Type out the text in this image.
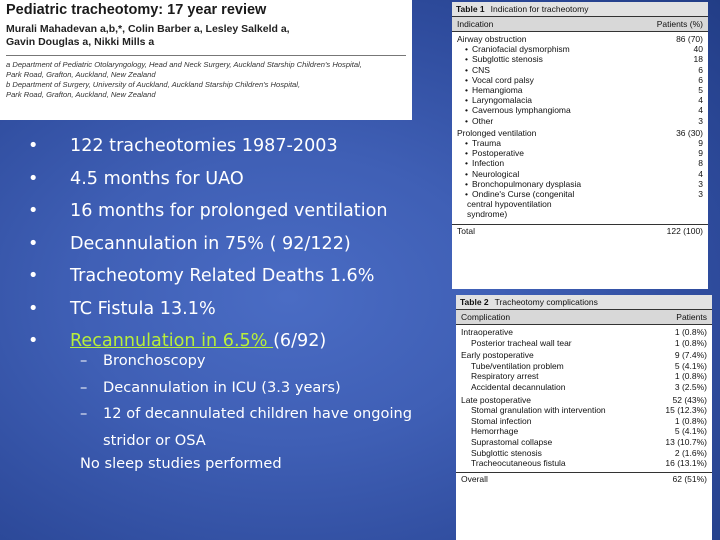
Pediatric tracheotomy: 17 year review
Murali Mahadevan a,b,*, Colin Barber a, Lesley Salkeld a,
Gavin Douglas a, Nikki Mills a
a Department of Pediatric Otolaryngology, Head and Neck Surgery, Auckland Starship Children's Hospital,
Park Road, Grafton, Auckland, New Zealand
b Department of Surgery, University of Auckland, Auckland Starship Children's Hospital,
Park Road, Grafton, Auckland, New Zealand
Table 1 Indication for tracheotomy
Indication	Patients (%)
Airway obstruction	86 (70)
• Craniofacial dysmorphism	40
• Subglottic stenosis	18
• CNS	6
• Vocal cord palsy	6
• Hemangioma	5
• Laryngomalacia	4
• Cavernous lymphangioma	4
• Other	3
Prolonged ventilation	36 (30)
• Trauma	9
• Postoperative	9
• Infection	8
• Neurological	4
• Bronchopulmonary dysplasia	3
• Ondine's Curse (congenital	3
central hypoventilation
syndrome)
Total	122 (100)
Table 2 Tracheotomy complications
Complication	Patients
Intraoperative	1 (0.8%)
Posterior tracheal wall tear	1 (0.8%)
Early postoperative	9 (7.4%)
Tube/ventilation problem	5 (4.1%)
Respiratory arrest	1 (0.8%)
Accidental decannulation	3 (2.5%)
Late postoperative	52 (43%)
Stomal granulation with intervention	15 (12.3%)
Stomal infection	1 (0.8%)
Hemorrhage	5 (4.1%)
Suprastomal collapse	13 (10.7%)
Subglottic stenosis	2 (1.6%)
Tracheocutaneous fistula	16 (13.1%)
Overall	62 (51%)
• 122 tracheotomies 1987-2003
• 4.5 months for UAO
• 16 months for prolonged ventilation
• Decannulation in 75% ( 92/122)
• Tracheotomy Related Deaths 1.6%
• TC Fistula 13.1%
• Recannulation in 6.5% (6/92)
– Bronchoscopy
– Decannulation in ICU (3.3 years)
– 12 of decannulated children have ongoing
stridor or OSA
No sleep studies performed
